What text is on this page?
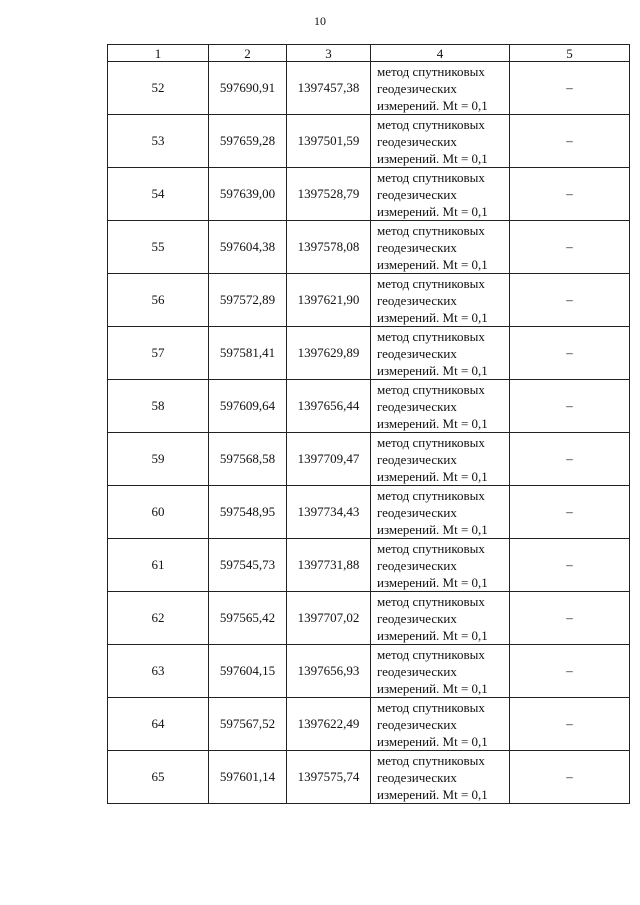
10
1	2	3	4	5
52	597690,91	1397457,38	метод спутниковых
геодезических
измерений. Mt = 0,1	–
53	597659,28	1397501,59	метод спутниковых
геодезических
измерений. Mt = 0,1	–
54	597639,00	1397528,79	метод спутниковых
геодезических
измерений. Mt = 0,1	–
55	597604,38	1397578,08	метод спутниковых
геодезических
измерений. Mt = 0,1	–
56	597572,89	1397621,90	метод спутниковых
геодезических
измерений. Mt = 0,1	–
57	597581,41	1397629,89	метод спутниковых
геодезических
измерений. Mt = 0,1	–
58	597609,64	1397656,44	метод спутниковых
геодезических
измерений. Mt = 0,1	–
59	597568,58	1397709,47	метод спутниковых
геодезических
измерений. Mt = 0,1	–
60	597548,95	1397734,43	метод спутниковых
геодезических
измерений. Mt = 0,1	–
61	597545,73	1397731,88	метод спутниковых
геодезических
измерений. Mt = 0,1	–
62	597565,42	1397707,02	метод спутниковых
геодезических
измерений. Mt = 0,1	–
63	597604,15	1397656,93	метод спутниковых
геодезических
измерений. Mt = 0,1	–
64	597567,52	1397622,49	метод спутниковых
геодезических
измерений. Mt = 0,1	–
65	597601,14	1397575,74	метод спутниковых
геодезических
измерений. Mt = 0,1	–
